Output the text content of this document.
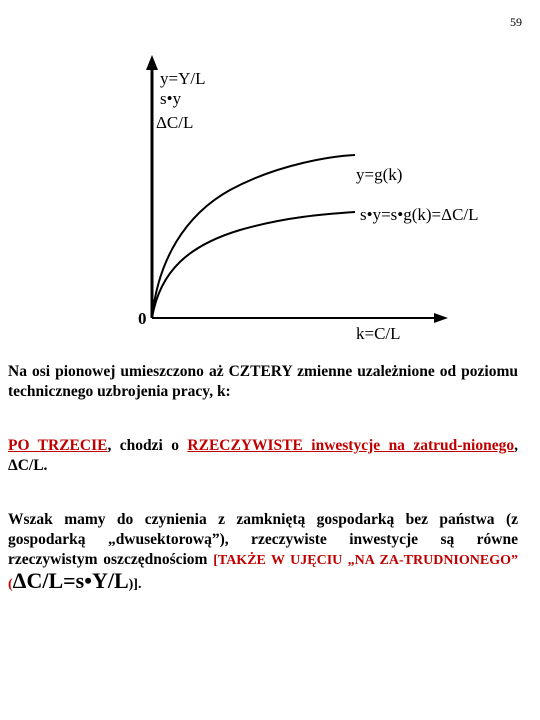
59
y=Y/L
s•y
ΔC/L
y=g(k)
s•y=s•g(k)=ΔC/L
0
k=C/L
Na osi pionowej umieszczono aż CZTERY zmienne uzależnione od poziomu technicznego uzbrojenia pracy, k:
PO TRZECIE, chodzi o RZECZYWISTE inwestycje na zatrud-nionego, ΔC/L.
Wszak mamy do czynienia z zamkniętą gospodarką bez państwa (z gospodarką „dwusektorową”), rzeczywiste inwestycje są równe rzeczywistym oszczędnościom [TAKŻE W UJĘCIU „NA ZA-TRUDNIONEGO” (ΔC/L=s•Y/L)].
